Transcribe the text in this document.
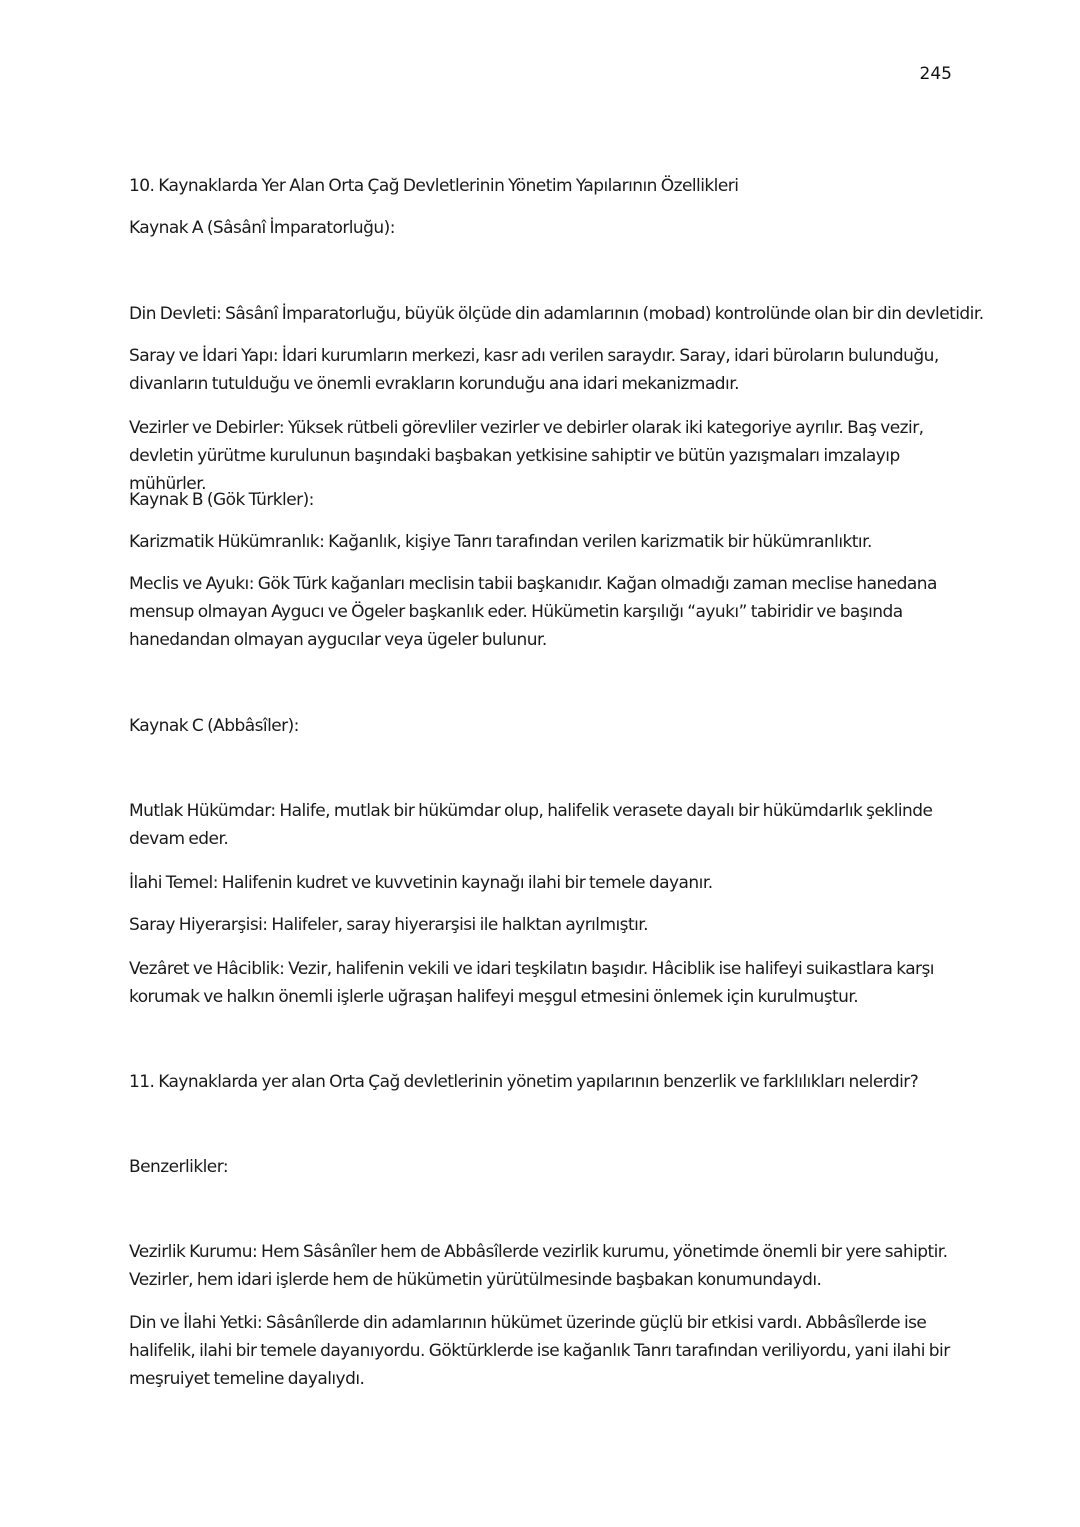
245
10. Kaynaklarda Yer Alan Orta Çağ Devletlerinin Yönetim Yapılarının Özellikleri
Kaynak A (Sâsânî İmparatorluğu):
Din Devleti: Sâsânî İmparatorluğu, büyük ölçüde din adamlarının (mobad) kontrolünde olan bir din devletidir.
Saray ve İdari Yapı: İdari kurumların merkezi, kasr adı verilen saraydır. Saray, idari büroların bulunduğu, divanların tutulduğu ve önemli evrakların korunduğu ana idari mekanizmadır.
Vezirler ve Debirler: Yüksek rütbeli görevliler vezirler ve debirler olarak iki kategoriye ayrılır. Baş vezir, devletin yürütme kurulunun başındaki başbakan yetkisine sahiptir ve bütün yazışmaları imzalayıp mühürler.
Kaynak B (Gök Türkler):
Karizmatik Hükümranlık: Kağanlık, kişiye Tanrı tarafından verilen karizmatik bir hükümranlıktır.
Meclis ve Ayukı: Gök Türk kağanları meclisin tabii başkanıdır. Kağan olmadığı zaman meclise hanedana mensup olmayan Aygucı ve Ögeler başkanlık eder. Hükümetin karşılığı “ayukı” tabiridir ve başında hanedandan olmayan aygucılar veya ügeler bulunur.
Kaynak C (Abbâsîler):
Mutlak Hükümdar: Halife, mutlak bir hükümdar olup, halifelik verasete dayalı bir hükümdarlık şeklinde devam eder.
İlahi Temel: Halifenin kudret ve kuvvetinin kaynağı ilahi bir temele dayanır.
Saray Hiyerarşisi: Halifeler, saray hiyerarşisi ile halktan ayrılmıştır.
Vezâret ve Hâciblik: Vezir, halifenin vekili ve idari teşkilatın başıdır. Hâciblik ise halifeyi suikastlara karşı korumak ve halkın önemli işlerle uğraşan halifeyi meşgul etmesini önlemek için kurulmuştur.
11. Kaynaklarda yer alan Orta Çağ devletlerinin yönetim yapılarının benzerlik ve farklılıkları nelerdir?
Benzerlikler:
Vezirlik Kurumu: Hem Sâsânîler hem de Abbâsîlerde vezirlik kurumu, yönetimde önemli bir yere sahiptir. Vezirler, hem idari işlerde hem de hükümetin yürütülmesinde başbakan konumundaydı.
Din ve İlahi Yetki: Sâsânîlerde din adamlarının hükümet üzerinde güçlü bir etkisi vardı. Abbâsîlerde ise halifelik, ilahi bir temele dayanıyordu. Göktürklerde ise kağanlık Tanrı tarafından veriliyordu, yani ilahi bir meşruiyet temeline dayalıydı.
